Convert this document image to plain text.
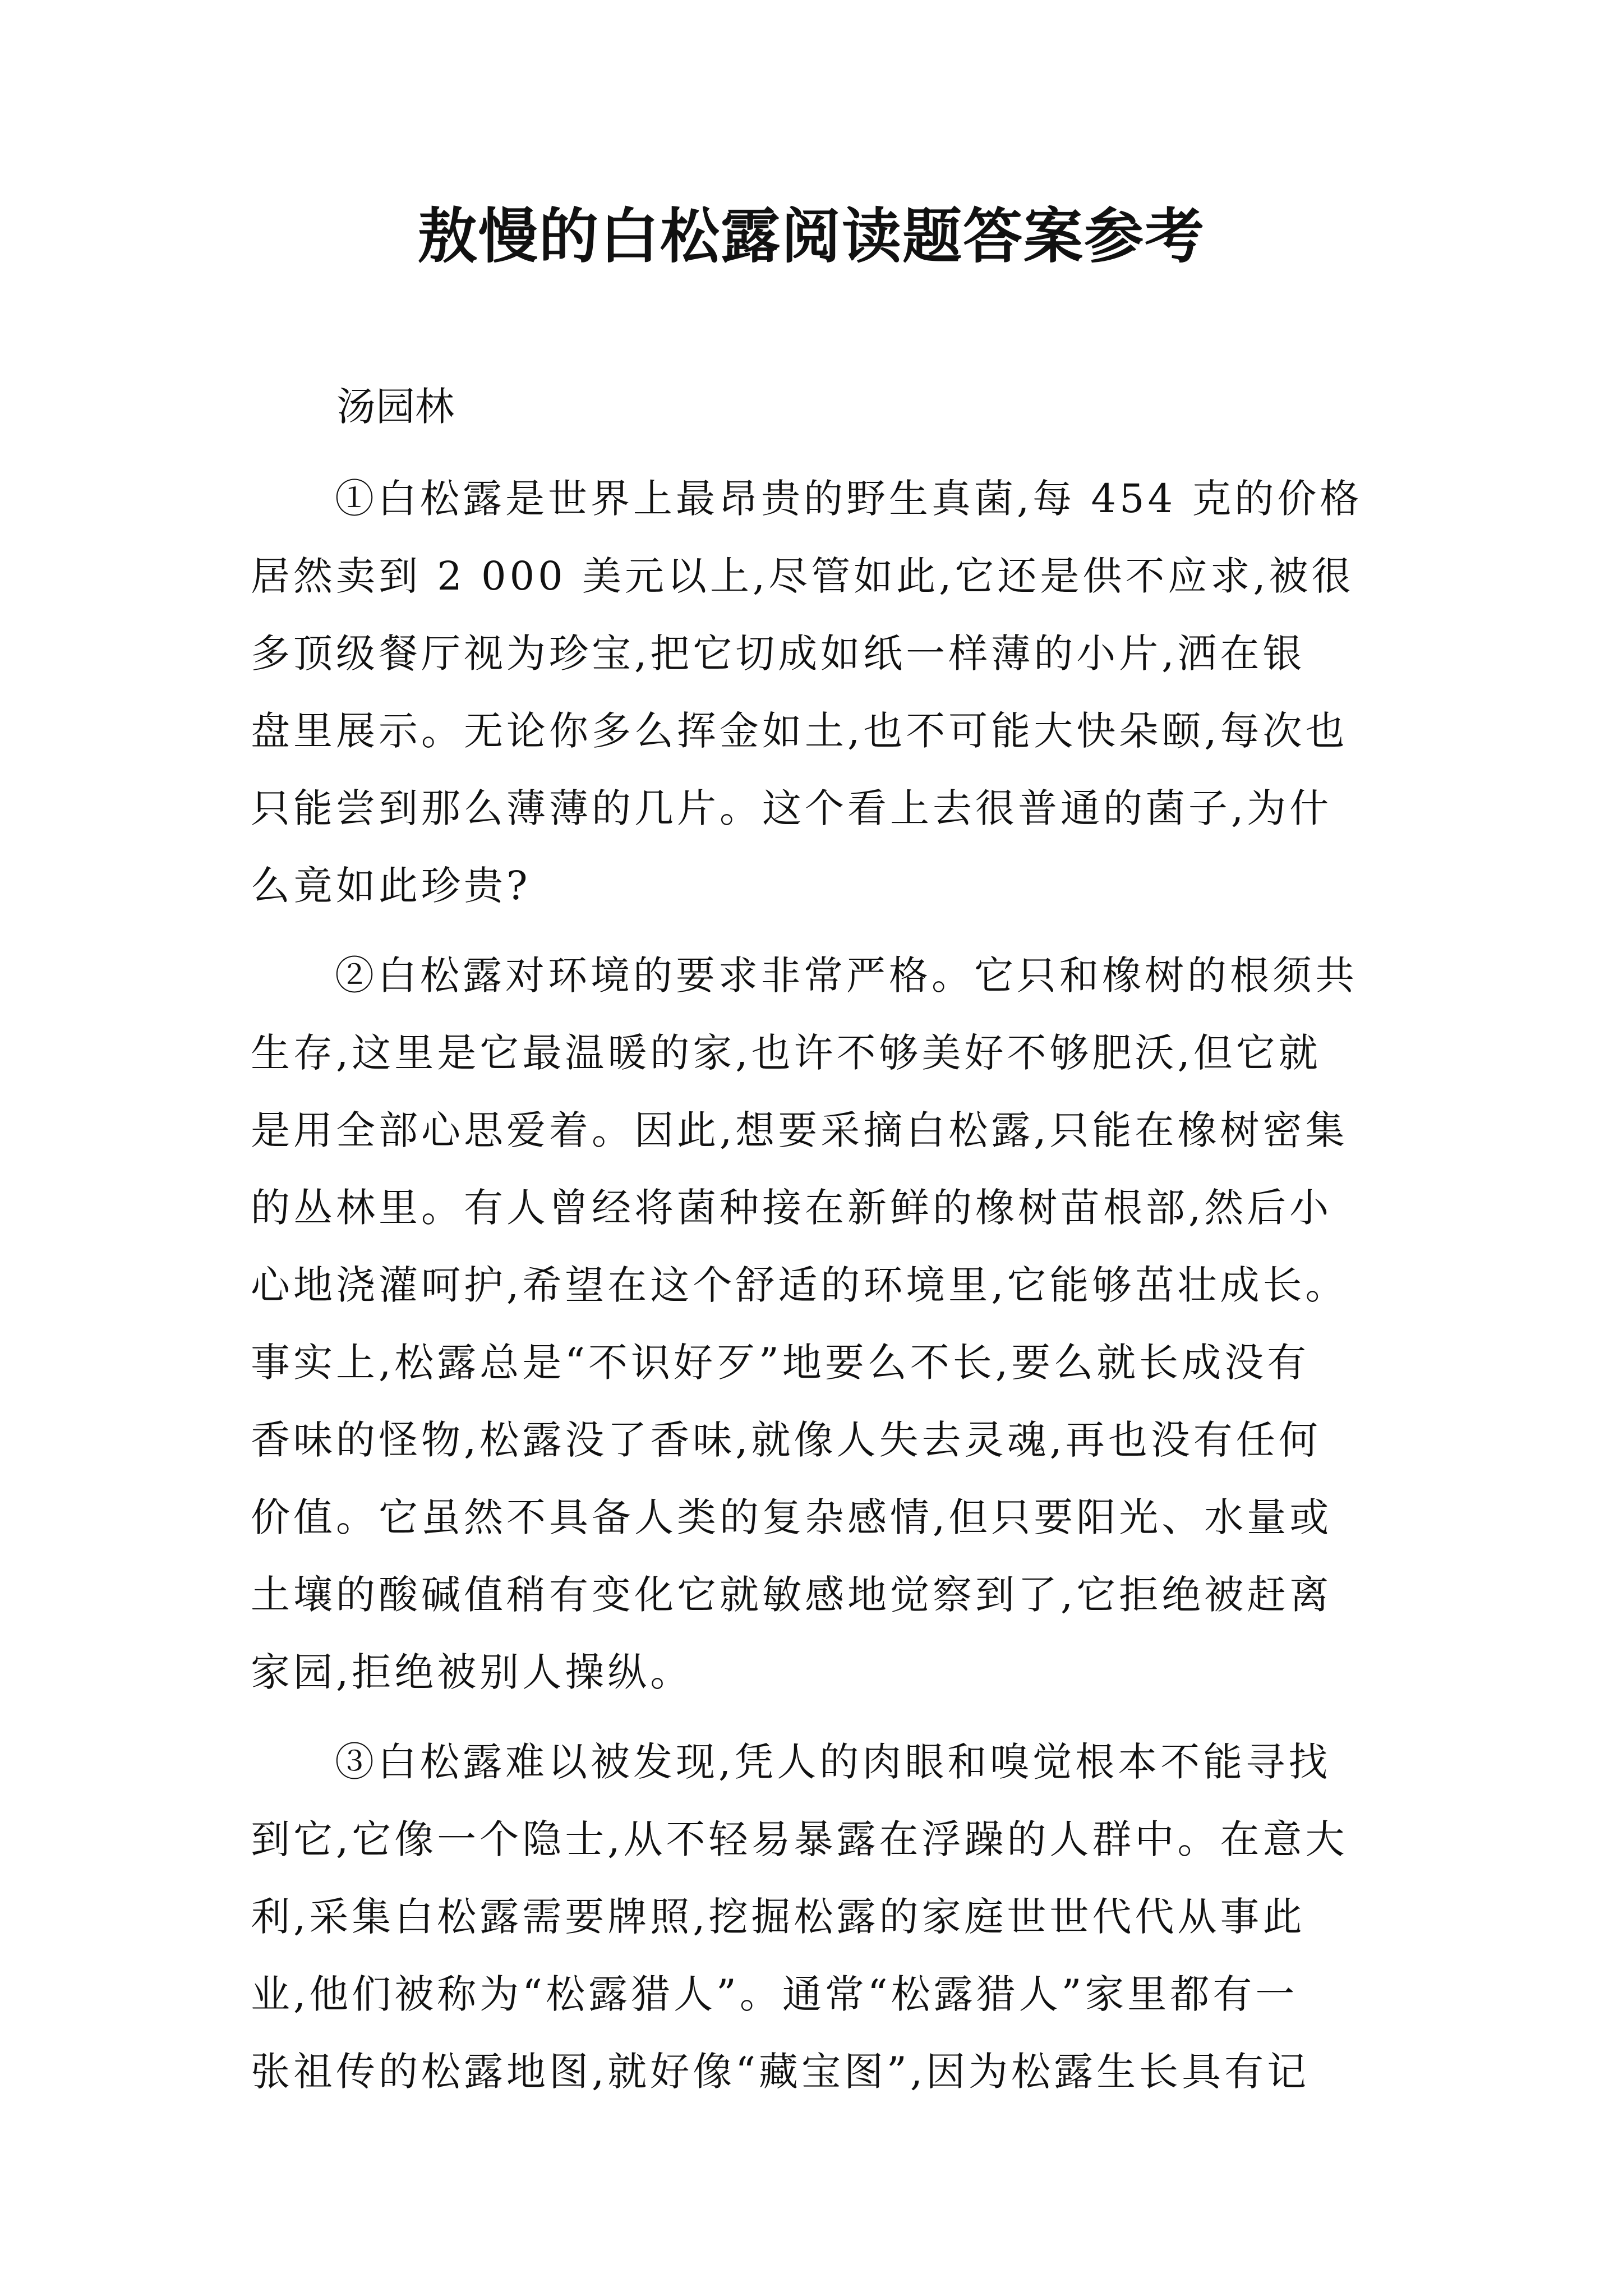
敖慢的白松露阅读题答案参考

汤园林

①白松露是世界上最昂贵的野生真菌,每 454 克的价格
居然卖到 2 000 美元以上,尽管如此,它还是供不应求,被很
多顶级餐厅视为珍宝,把它切成如纸一样薄的小片,洒在银
盘里展示。无论你多么挥金如土,也不可能大快朵颐,每次也
只能尝到那么薄薄的几片。这个看上去很普通的菌子,为什
么竟如此珍贵?

②白松露对环境的要求非常严格。它只和橡树的根须共
生存,这里是它最温暖的家,也许不够美好不够肥沃,但它就
是用全部心思爱着。因此,想要采摘白松露,只能在橡树密集
的丛林里。有人曾经将菌种接在新鲜的橡树苗根部,然后小
心地浇灌呵护,希望在这个舒适的环境里,它能够茁壮成长。
事实上,松露总是“不识好歹”地要么不长,要么就长成没有
香味的怪物,松露没了香味,就像人失去灵魂,再也没有任何
价值。它虽然不具备人类的复杂感情,但只要阳光、水量或
土壤的酸碱值稍有变化它就敏感地觉察到了,它拒绝被赶离
家园,拒绝被别人操纵。

③白松露难以被发现,凭人的肉眼和嗅觉根本不能寻找
到它,它像一个隐士,从不轻易暴露在浮躁的人群中。在意大
利,采集白松露需要牌照,挖掘松露的家庭世世代代从事此
业,他们被称为“松露猎人”。通常“松露猎人”家里都有一
张祖传的松露地图,就好像“藏宝图”,因为松露生长具有记
